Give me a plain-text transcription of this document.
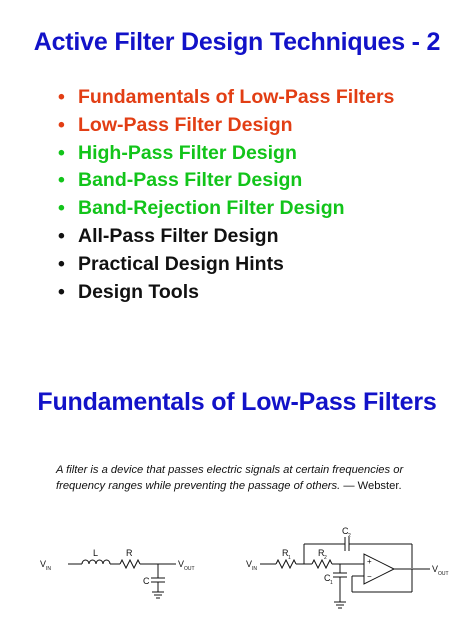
Active Filter Design Techniques - 2
• Fundamentals of Low-Pass Filters
• Low-Pass Filter Design
• High-Pass Filter Design
• Band-Pass Filter Design
• Band-Rejection Filter Design
• All-Pass Filter Design
• Practical Design Hints
• Design Tools
Fundamentals of Low-Pass Filters
A filter is a device that passes electric signals at certain frequencies or frequency ranges while preventing the passage of others. — Webster.
V IN
L	R
C
V OUT	V IN
R 1	R 2
C 2
C 1
+
−
V OUT
